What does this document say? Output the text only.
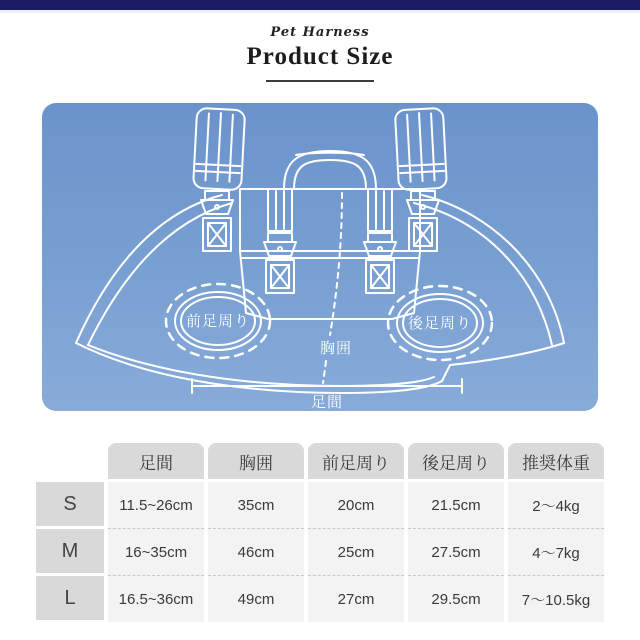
Pet Harness
Product Size
胸囲
前足周り	後足周り
足間
S
M
L
足間
11.5~26cm
16~35cm
16.5~36cm
胸囲
35cm
46cm
49cm
前足周り
20cm
25cm
27cm
後足周り
21.5cm
27.5cm
29.5cm
推奨体重
2〜4kg
4〜7kg
7〜10.5kg
